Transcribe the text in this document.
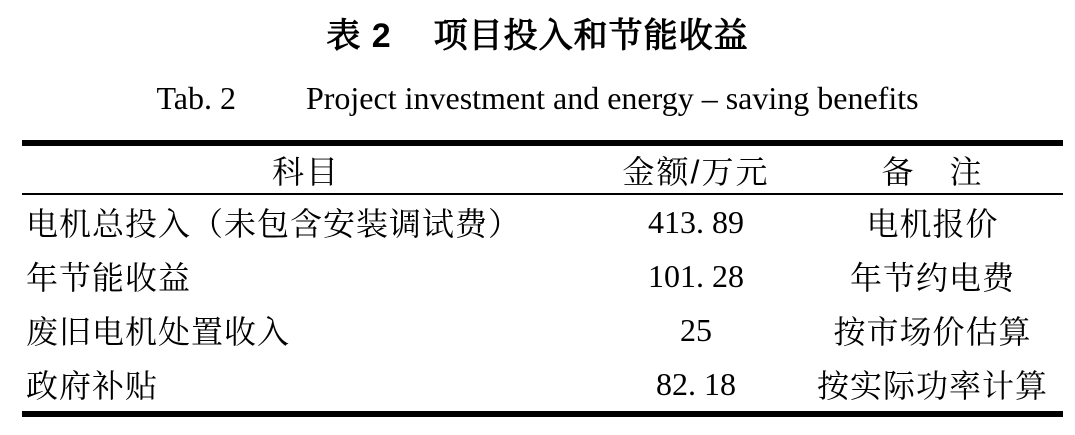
表 2 项目投入和节能收益
Tab. 2 Project investment and energy – saving benefits
科目	金额/万元	备　注
电机总投入（未包含安装调试费）	413. 89	电机报价
年节能收益	101. 28	年节约电费
废旧电机处置收入	25	按市场价估算
政府补贴	82. 18	按实际功率计算
